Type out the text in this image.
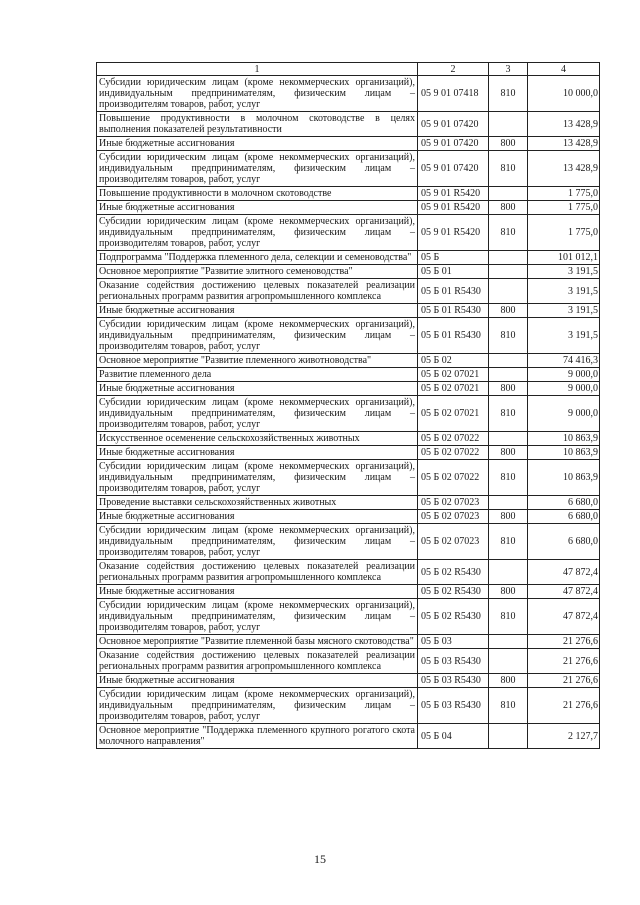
1	2	3	4
Субсидии юридическим лицам (кроме некоммерческих организаций), индивидуальным предпринимателям, физическим лицам – производителям товаров, работ, услуг	05 9 01 07418	810	10 000,0
Повышение продуктивности в молочном скотоводстве в целях выполнения показателей результативности	05 9 01 07420		13 428,9
Иные бюджетные ассигнования	05 9 01 07420	800	13 428,9
Субсидии юридическим лицам (кроме некоммерческих организаций), индивидуальным предпринимателям, физическим лицам – производителям товаров, работ, услуг	05 9 01 07420	810	13 428,9
Повышение продуктивности в молочном скотоводстве	05 9 01 R5420		1 775,0
Иные бюджетные ассигнования	05 9 01 R5420	800	1 775,0
Субсидии юридическим лицам (кроме некоммерческих организаций), индивидуальным предпринимателям, физическим лицам – производителям товаров, работ, услуг	05 9 01 R5420	810	1 775,0
Подпрограмма "Поддержка племенного дела, селекции и семеноводства"	05 Б		101 012,1
Основное мероприятие "Развитие элитного семеноводства"	05 Б 01		3 191,5
Оказание содействия достижению целевых показателей реализации региональных программ развития агропромышленного комплекса	05 Б 01 R5430		3 191,5
Иные бюджетные ассигнования	05 Б 01 R5430	800	3 191,5
Субсидии юридическим лицам (кроме некоммерческих организаций), индивидуальным предпринимателям, физическим лицам – производителям товаров, работ, услуг	05 Б 01 R5430	810	3 191,5
Основное мероприятие "Развитие племенного животноводства"	05 Б 02		74 416,3
Развитие племенного дела	05 Б 02 07021		9 000,0
Иные бюджетные ассигнования	05 Б 02 07021	800	9 000,0
Субсидии юридическим лицам (кроме некоммерческих организаций), индивидуальным предпринимателям, физическим лицам – производителям товаров, работ, услуг	05 Б 02 07021	810	9 000,0
Искусственное осеменение сельскохозяйственных животных	05 Б 02 07022		10 863,9
Иные бюджетные ассигнования	05 Б 02 07022	800	10 863,9
Субсидии юридическим лицам (кроме некоммерческих организаций), индивидуальным предпринимателям, физическим лицам – производителям товаров, работ, услуг	05 Б 02 07022	810	10 863,9
Проведение выставки сельскохозяйственных животных	05 Б 02 07023		6 680,0
Иные бюджетные ассигнования	05 Б 02 07023	800	6 680,0
Субсидии юридическим лицам (кроме некоммерческих организаций), индивидуальным предпринимателям, физическим лицам – производителям товаров, работ, услуг	05 Б 02 07023	810	6 680,0
Оказание содействия достижению целевых показателей реализации региональных программ развития агропромышленного комплекса	05 Б 02 R5430		47 872,4
Иные бюджетные ассигнования	05 Б 02 R5430	800	47 872,4
Субсидии юридическим лицам (кроме некоммерческих организаций), индивидуальным предпринимателям, физическим лицам – производителям товаров, работ, услуг	05 Б 02 R5430	810	47 872,4
Основное мероприятие "Развитие племенной базы мясного скотоводства"	05 Б 03		21 276,6
Оказание содействия достижению целевых показателей реализации региональных программ развития агропромышленного комплекса	05 Б 03 R5430		21 276,6
Иные бюджетные ассигнования	05 Б 03 R5430	800	21 276,6
Субсидии юридическим лицам (кроме некоммерческих организаций), индивидуальным предпринимателям, физическим лицам – производителям товаров, работ, услуг	05 Б 03 R5430	810	21 276,6
Основное мероприятие "Поддержка племенного крупного рогатого скота молочного направления"	05 Б 04		2 127,7
15
